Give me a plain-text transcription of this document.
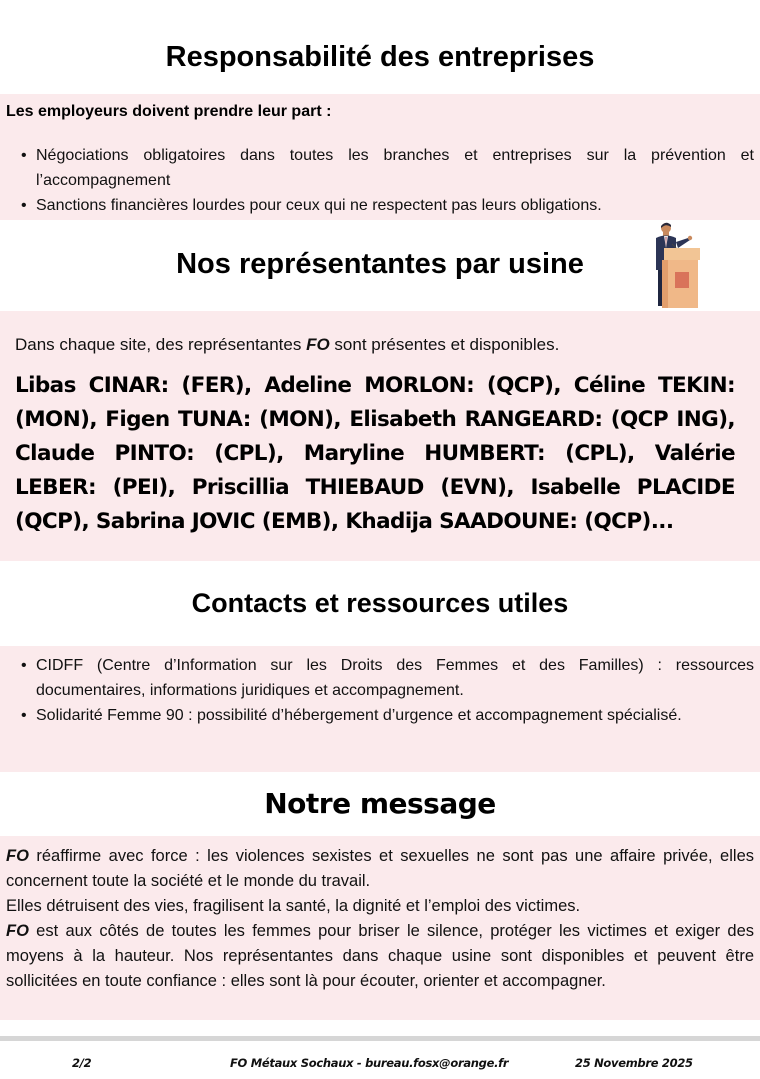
Responsabilité des entreprises
Les employeurs doivent prendre leur part :
• Négociations obligatoires dans toutes les branches et entreprises sur la prévention et l’accompagnement
• Sanctions financières lourdes pour ceux qui ne respectent pas leurs obligations.
Nos représentantes par usine
Dans chaque site, des représentantes FO sont présentes et disponibles.
Libas CINAR: (FER), Adeline MORLON: (QCP), Céline TEKIN: (MON), Figen TUNA: (MON), Elisabeth RANGEARD: (QCP ING), Claude PINTO: (CPL), Maryline HUMBERT: (CPL), Valérie LEBER: (PEI), Priscillia THIEBAUD (EVN), Isabelle PLACIDE (QCP), Sabrina JOVIC (EMB), Khadija SAADOUNE: (QCP)...
Contacts et ressources utiles
• CIDFF (Centre d’Information sur les Droits des Femmes et des Familles) : ressources documentaires, informations juridiques et accompagnement.
• Solidarité Femme 90 : possibilité d’hébergement d’urgence et accompagnement spécialisé.
Notre message

FO réaffirme avec force : les violences sexistes et sexuelles ne sont pas une affaire privée, elles concernent toute la société et le monde du travail.

Elles détruisent des vies, fragilisent la santé, la dignité et l’emploi des victimes.

FO est aux côtés de toutes les femmes pour briser le silence, protéger les victimes et exiger des moyens à la hauteur. Nos représentantes dans chaque usine sont disponibles et peuvent être sollicitées en toute confiance : elles sont là pour écouter, orienter et accompagner.

2/2	FO Métaux Sochaux - bureau.fosx@orange.fr	25 Novembre 2025
